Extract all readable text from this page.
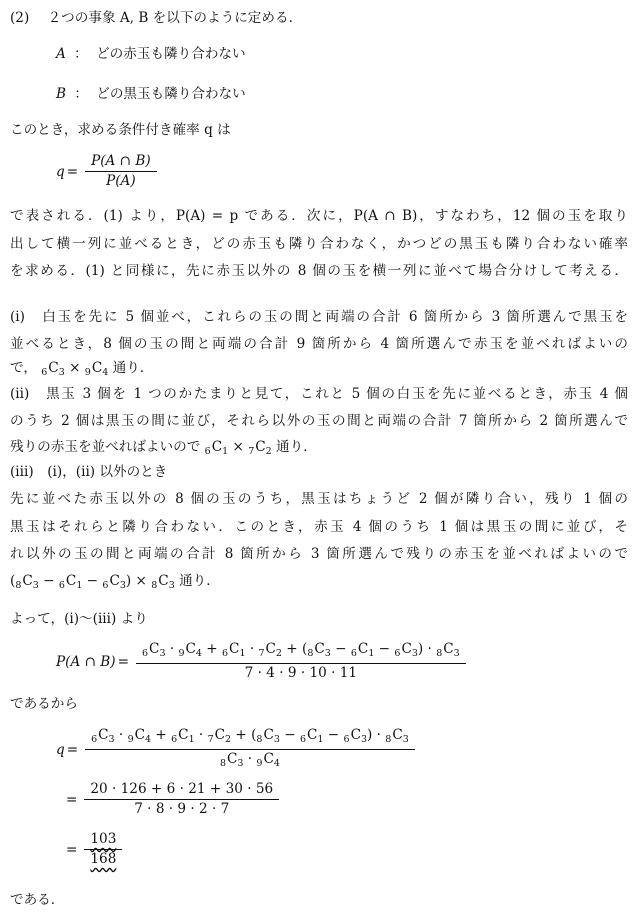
(2) ２つの事象 A, B を以下のように定める．
A ： どの赤玉も隣り合わない
B ： どの黒玉も隣り合わない
このとき，求める条件付き確率 q は
$q = \frac{P(A \cap B)}{P(A)}$
で表される．(1) より，P(A) = p である．次に，P(A ∩ B)，すなわち，12 個の玉を取り
出して横一列に並べるとき，どの赤玉も隣り合わなく，かつどの黒玉も隣り合わない確率
を求める．(1) と同様に，先に赤玉以外の 8 個の玉を横一列に並べて場合分けして考える．
(i)　白玉を先に 5 個並べ，これらの玉の間と両端の合計 6 箇所から 3 箇所選んで黒玉を
並べるとき，8 個の玉の間と両端の合計 9 箇所から 4 箇所選んで赤玉を並べればよいの
で， $_6C_3 \times _9C_4$ 通り．
(ii)　黒玉 3 個を 1 つのかたまりと見て，これと 5 個の白玉を先に並べるとき，赤玉 4 個
のうち 2 個は黒玉の間に並び，それら以外の玉の間と両端の合計 7 箇所から 2 箇所選んで
残りの赤玉を並べればよいので $_6C_1 \times _7C_2$ 通り．
(iii)　(i)，(ii) 以外のとき
先に並べた赤玉以外の 8 個の玉のうち，黒玉はちょうど 2 個が隣り合い，残り 1 個の
黒玉はそれらと隣り合わない．このとき，赤玉 4 個のうち 1 個は黒玉の間に並び，そ
れ以外の玉の間と両端の合計 8 箇所から 3 箇所選んで残りの赤玉を並べればよいので
$(_8C_3 - _6C_1 - _6C_3) \times _8C_3$ 通り．
よって，(i)〜(iii) より
P(A ∩ $B) = \frac{_6C_3 \cdot _9C_4 + _6C_1 \cdot _7C_2 + (_8C_3 - _6C_1 - _6C_3) \cdot _8C_3}{7 \cdot 4 \cdot 9 \cdot 10 \cdot 11}$
であるから
$q = \frac{_6C_3 \cdot _9C_4 + _6C_1 \cdot _7C_2 + (_8C_3 - _6C_1 - _6C_3) \cdot _8C_3}{_8C_3 \cdot _9C_4}$
= $\frac{20 \cdot 126 + 6 \cdot 21 + 30 \cdot 56}{7 \cdot 8 \cdot 9 \cdot 2 \cdot 7}$
= $\frac{103}{168}$
である．
